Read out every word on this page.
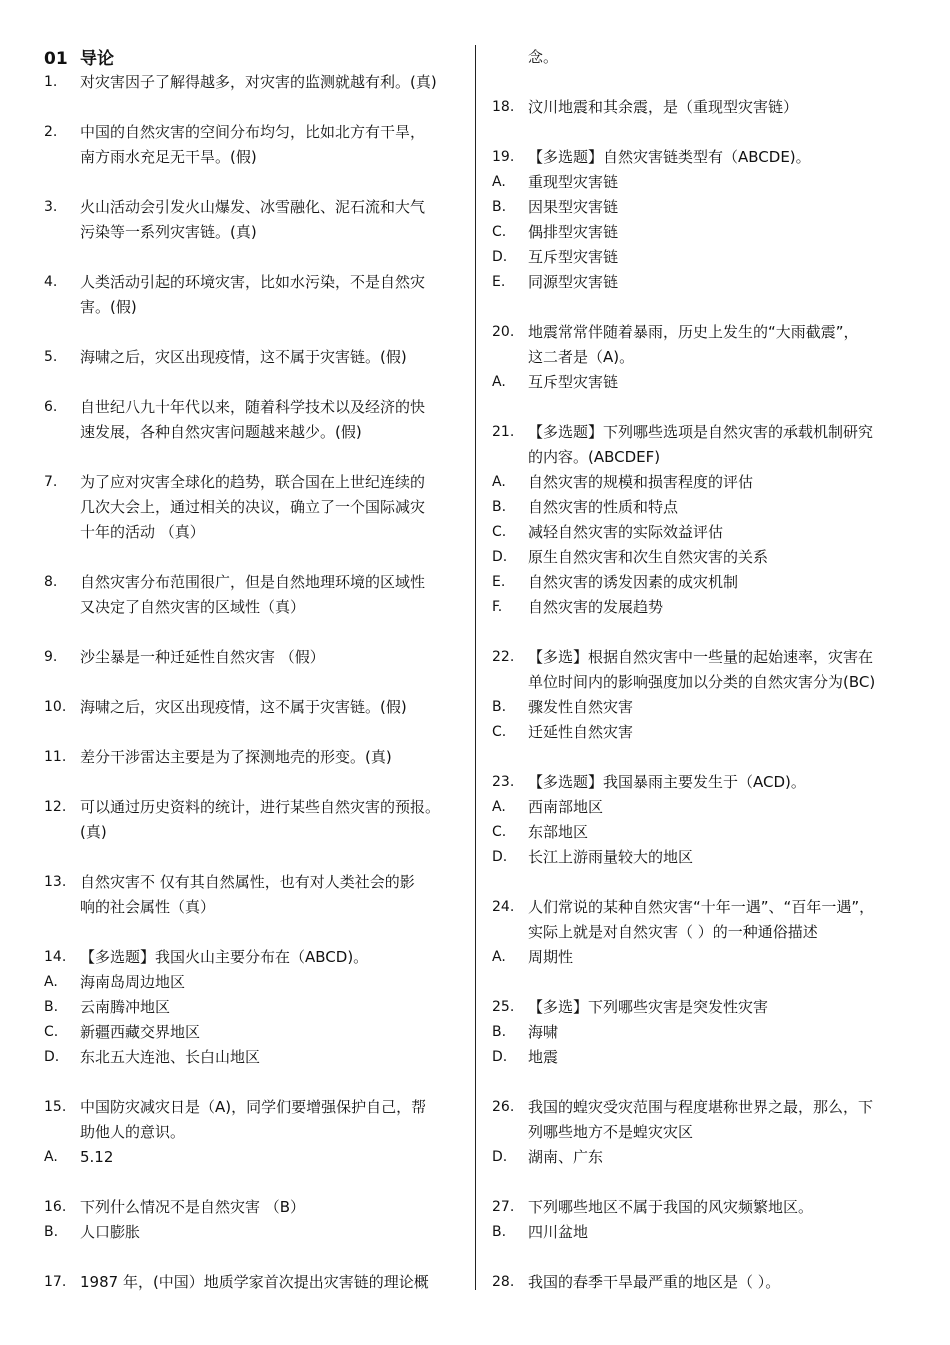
01 导论
1.	对灾害因子了解得越多，对灾害的监测就越有利。(真)
2.	中国的自然灾害的空间分布均匀，比如北方有干旱，
南方雨水充足无干旱。(假)
3.	火山活动会引发火山爆发、冰雪融化、泥石流和大气
污染等一系列灾害链。(真)
4.	人类活动引起的环境灾害，比如水污染，不是自然灾
害。(假)
5.	海啸之后，灾区出现疫情，这不属于灾害链。(假)
6.	自世纪八九十年代以来，随着科学技术以及经济的快
速发展，各种自然灾害问题越来越少。(假)
7.	为了应对灾害全球化的趋势，联合国在上世纪连续的
几次大会上，通过相关的决议，确立了一个国际减灾
十年的活动 （真）
8.	自然灾害分布范围很广，但是自然地理环境的区域性
又决定了自然灾害的区域性（真）
9.	沙尘暴是一种迁延性自然灾害 （假）
10. 海啸之后，灾区出现疫情，这不属于灾害链。(假)
11. 差分干涉雷达主要是为了探测地壳的形变。(真)
12. 可以通过历史资料的统计，进行某些自然灾害的预报。
(真)
13. 自然灾害不 仅有其自然属性，也有对人类社会的影
响的社会属性（真）
14. 【多选题】我国火山主要分布在（ABCD)。
A.	海南岛周边地区
B.	云南腾冲地区
C.	新疆西藏交界地区
D.	东北五大连池、长白山地区
15. 中国防灾减灾日是（A)，同学们要增强保护自己，帮
助他人的意识。
A.	5.12
16. 下列什么情况不是自然灾害 （B）
B.	人口膨胀
17. 1987 年，(中国）地质学家首次提出灾害链的理论概
念。
18. 汶川地震和其余震，是（重现型灾害链）
19. 【多选题】自然灾害链类型有（ABCDE)。
A.	重现型灾害链
B.	因果型灾害链
C.	偶排型灾害链
D.	互斥型灾害链
E.	同源型灾害链
20. 地震常常伴随着暴雨，历史上发生的“大雨截震”，
这二者是（A)。
A.	互斥型灾害链
21. 【多选题】下列哪些选项是自然灾害的承载机制研究
的内容。(ABCDEF)
A.	自然灾害的规模和损害程度的评估
B.	自然灾害的性质和特点
C.	减轻自然灾害的实际效益评估
D.	原生自然灾害和次生自然灾害的关系
E.	自然灾害的诱发因素的成灾机制
F.	自然灾害的发展趋势
22. 【多选】根据自然灾害中一些量的起始速率，灾害在
单位时间内的影响强度加以分类的自然灾害分为(BC)
B.	骤发性自然灾害
C.	迁延性自然灾害
23. 【多选题】我国暴雨主要发生于（ACD)。
A.	西南部地区
C.	东部地区
D.	长江上游雨量较大的地区
24. 人们常说的某种自然灾害“十年一遇”、“百年一遇”，
实际上就是对自然灾害（ ）的一种通俗描述
A.	周期性
25. 【多选】下列哪些灾害是突发性灾害
B.	海啸
D.	地震
26. 我国的蝗灾受灾范围与程度堪称世界之最，那么，下
列哪些地方不是蝗灾灾区
D.	湖南、广东
27. 下列哪些地区不属于我国的风灾频繁地区。
B.	四川盆地
28. 我国的春季干旱最严重的地区是（ ）。
